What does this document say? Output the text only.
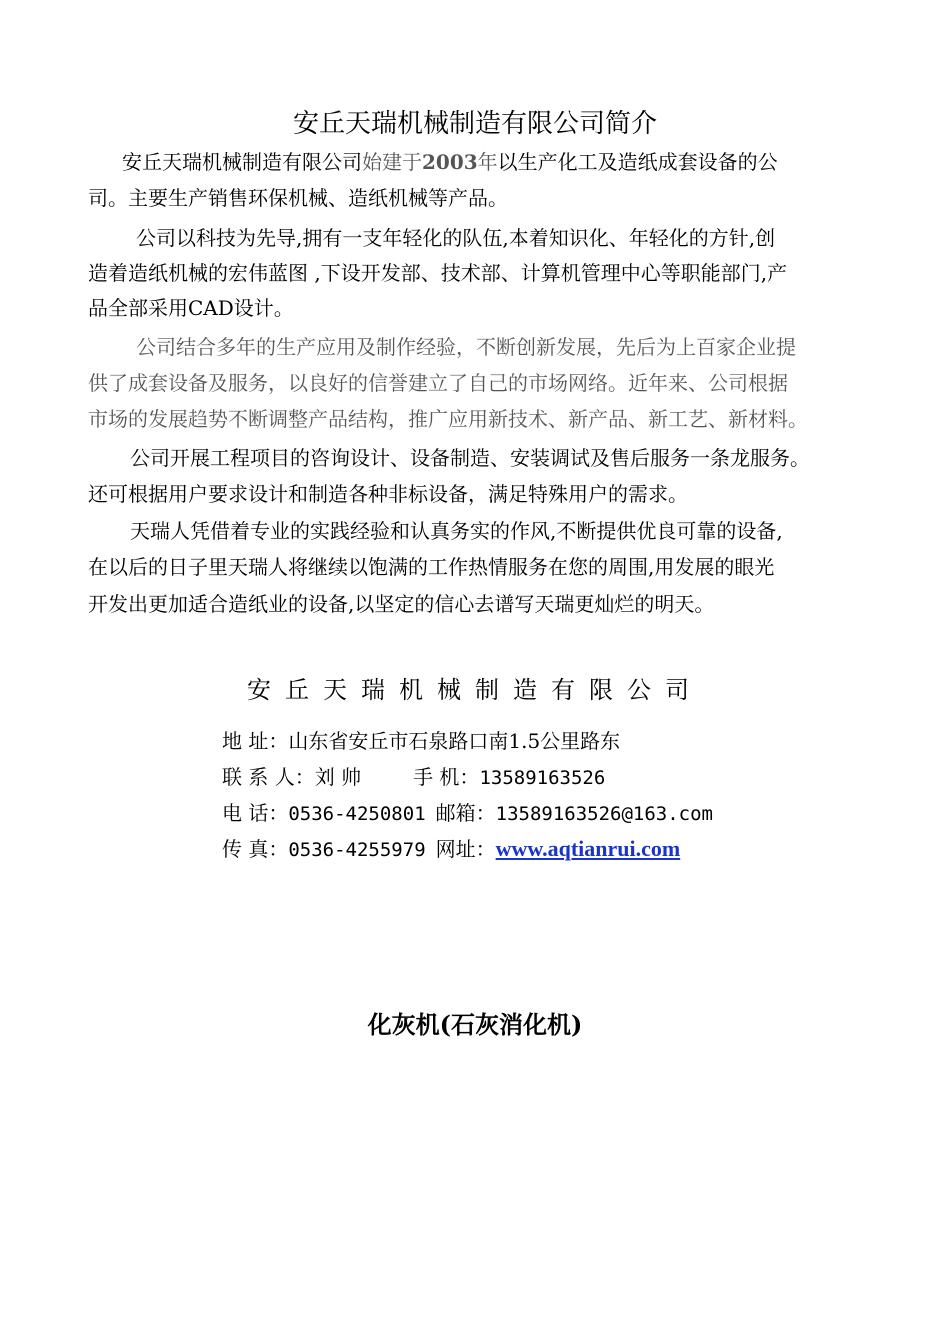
安丘天瑞机械制造有限公司简介
安丘天瑞机械制造有限公司始建于2003年以生产化工及造纸成套设备的公
司。主要生产销售环保机械、造纸机械等产品。
公司以科技为先导,拥有一支年轻化的队伍,本着知识化、年轻化的方针,创
造着造纸机械的宏伟蓝图 ,下设开发部、技术部、计算机管理中心等职能部门,产
品全部采用CAD设计。
公司结合多年的生产应用及制作经验，不断创新发展，先后为上百家企业提
供了成套设备及服务，以良好的信誉建立了自己的市场网络。近年来、公司根据
市场的发展趋势不断调整产品结构，推广应用新技术、新产品、新工艺、新材料。
公司开展工程项目的咨询设计、设备制造、安装调试及售后服务一条龙服务。
还可根据用户要求设计和制造各种非标设备，满足特殊用户的需求。
天瑞人凭借着专业的实践经验和认真务实的作风,不断提供优良可靠的设备,
在以后的日子里天瑞人将继续以饱满的工作热情服务在您的周围,用发展的眼光
开发出更加适合造纸业的设备,以坚定的信心去谱写天瑞更灿烂的明天。
安丘天瑞机械制造有限公司
地 址：山东省安丘市石泉路口南1.5公里路东
联 系 人：刘 帅	手 机：13589163526
电 话：0536-4250801 邮箱：13589163526@163.com
传 真：0536-4255979 网址：www.aqtianrui.com
化灰机(石灰消化机)
